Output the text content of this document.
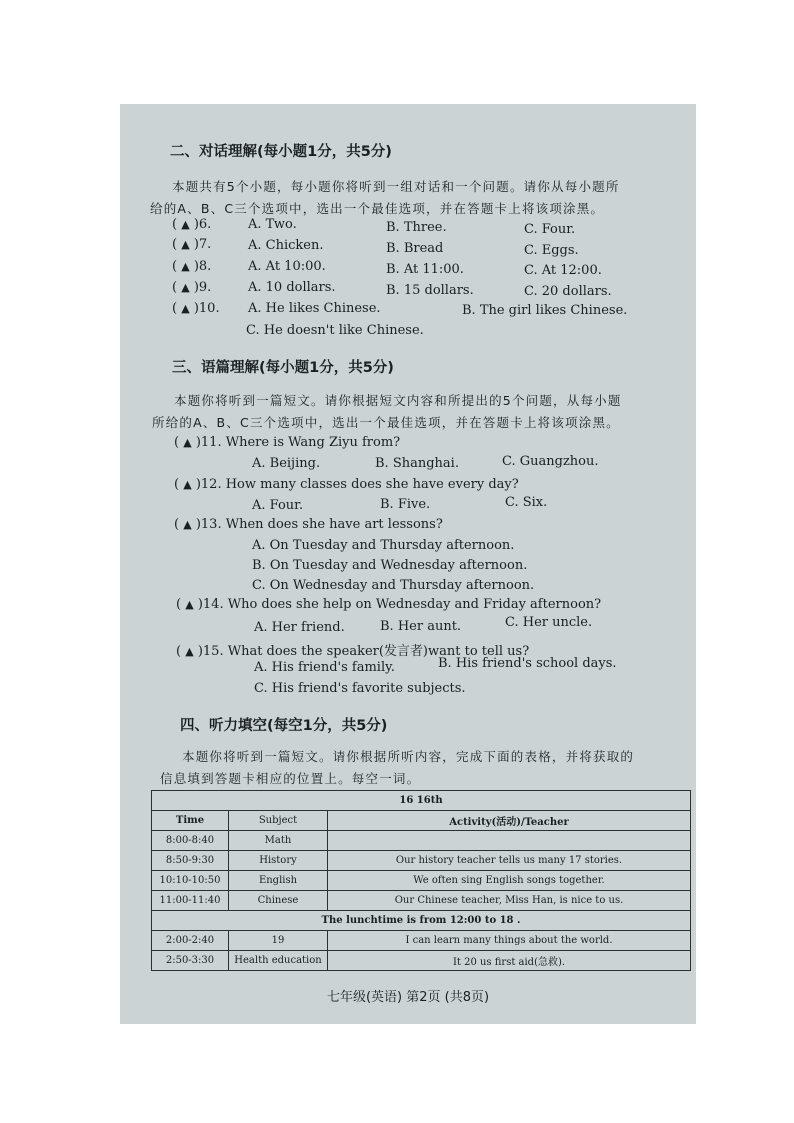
二、对话理解(每小题1分，共5分)
本题共有5个小题，每小题你将听到一组对话和一个问题。请你从每小题所
给的A、B、C三个选项中，选出一个最佳选项，并在答题卡上将该项涂黑。
( ▲ )6.	A. Two.	B. Three.	C. Four.
( ▲ )7.	A. Chicken.	B. Bread	C. Eggs.
( ▲ )8.	A. At 10:00.	B. At 11:00.	C. At 12:00.
( ▲ )9.	A. 10 dollars.	B. 15 dollars.	C. 20 dollars.
( ▲ )10. A. He likes Chinese.	B. The girl likes Chinese.
C. He doesn't like Chinese.
三、语篇理解(每小题1分，共5分)
本题你将听到一篇短文。请你根据短文内容和所提出的5个问题，从每小题
所给的A、B、C三个选项中，选出一个最佳选项，并在答题卡上将该项涂黑。
( ▲ )11. Where is Wang Ziyu from?
A. Beijing.	B. Shanghai.	C. Guangzhou.
( ▲ )12. How many classes does she have every day?
A. Four.	B. Five.	C. Six.
( ▲ )13. When does she have art lessons?
A. On Tuesday and Thursday afternoon.
B. On Tuesday and Wednesday afternoon.
C. On Wednesday and Thursday afternoon.
( ▲ )14. Who does she help on Wednesday and Friday afternoon?
A. Her friend.	B. Her aunt.	C. Her uncle.
( ▲ )15. What does the speaker(发言者)want to tell us?
A. His friend's family.	B. His friend's school days.
C. His friend's favorite subjects.
四、听力填空(每空1分，共5分)
本题你将听到一篇短文。请你根据所听内容，完成下面的表格，并将获取的
信息填到答题卡相应的位置上。每空一词。
16 16th		
Time	Subject	Activity(活动)/Teacher
8:00-8:40	Math	
8:50-9:30	History	Our history teacher tells us many 17 stories.
10:10-10:50	English	We often sing English songs together.
11:00-11:40	Chinese	Our Chinese teacher, Miss Han, is nice to us.
The lunchtime is from 12:00 to 18 .		
2:00-2:40	19	I can learn many things about the world.
2:50-3:30	Health education	It 20 us first aid(急救).
七年级(英语) 第2页 (共8页)
